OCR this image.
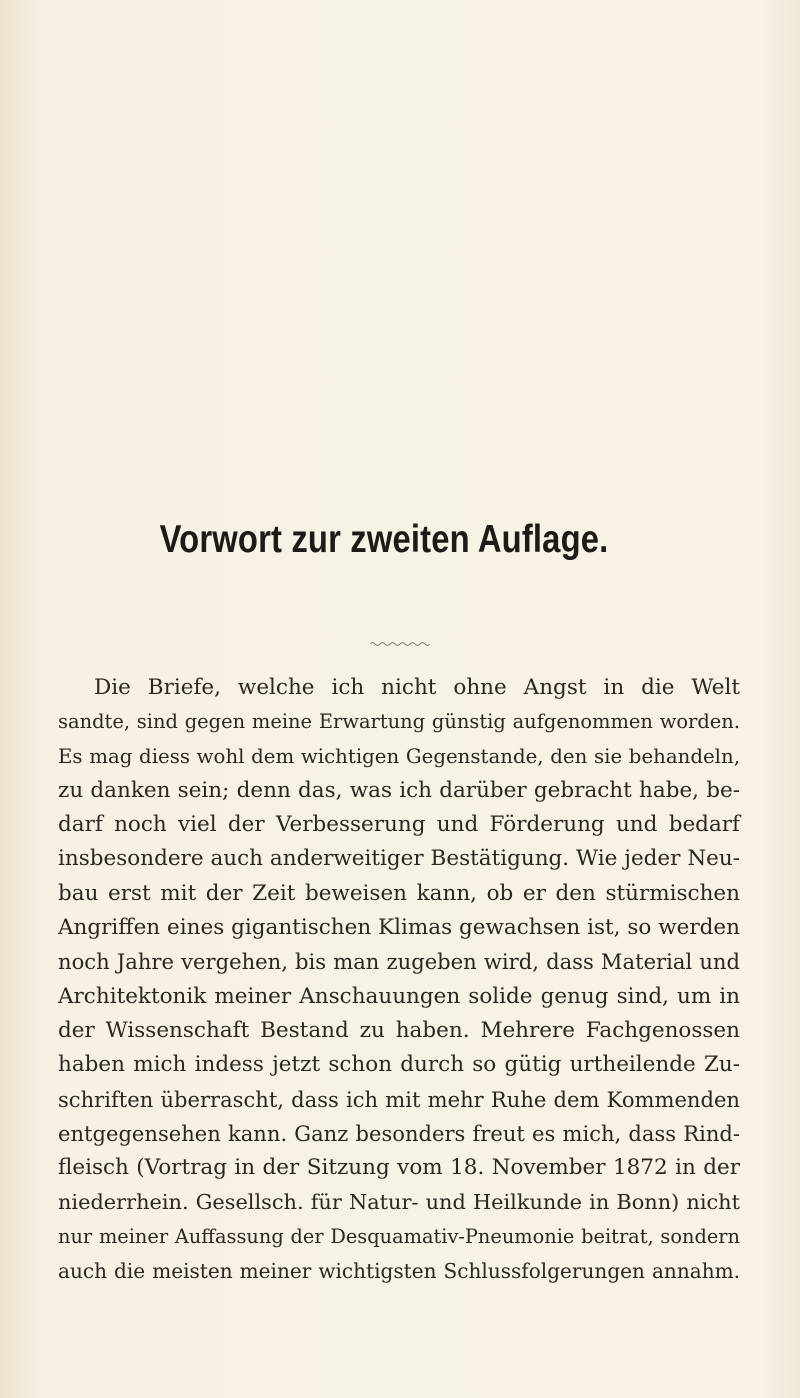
Vorwort zur zweiten Auflage.
Die Briefe, welche ich nicht ohne Angst in die Welt
sandte, sind gegen meine Erwartung günstig aufgenommen worden.
Es mag diess wohl dem wichtigen Gegenstande, den sie behandeln,
zu danken sein; denn das, was ich darüber gebracht habe, be-
darf noch viel der Verbesserung und Förderung und bedarf
insbesondere auch anderweitiger Bestätigung. Wie jeder Neu-
bau erst mit der Zeit beweisen kann, ob er den stürmischen
Angriffen eines gigantischen Klimas gewachsen ist, so werden
noch Jahre vergehen, bis man zugeben wird, dass Material und
Architektonik meiner Anschauungen solide genug sind, um in
der Wissenschaft Bestand zu haben. Mehrere Fachgenossen
haben mich indess jetzt schon durch so gütig urtheilende Zu-
schriften überrascht, dass ich mit mehr Ruhe dem Kommenden
entgegensehen kann. Ganz besonders freut es mich, dass Rind-
fleisch (Vortrag in der Sitzung vom 18. November 1872 in der
niederrhein. Gesellsch. für Natur- und Heilkunde in Bonn) nicht
nur meiner Auffassung der Desquamativ-Pneumonie beitrat, sondern
auch die meisten meiner wichtigsten Schlussfolgerungen annahm.
